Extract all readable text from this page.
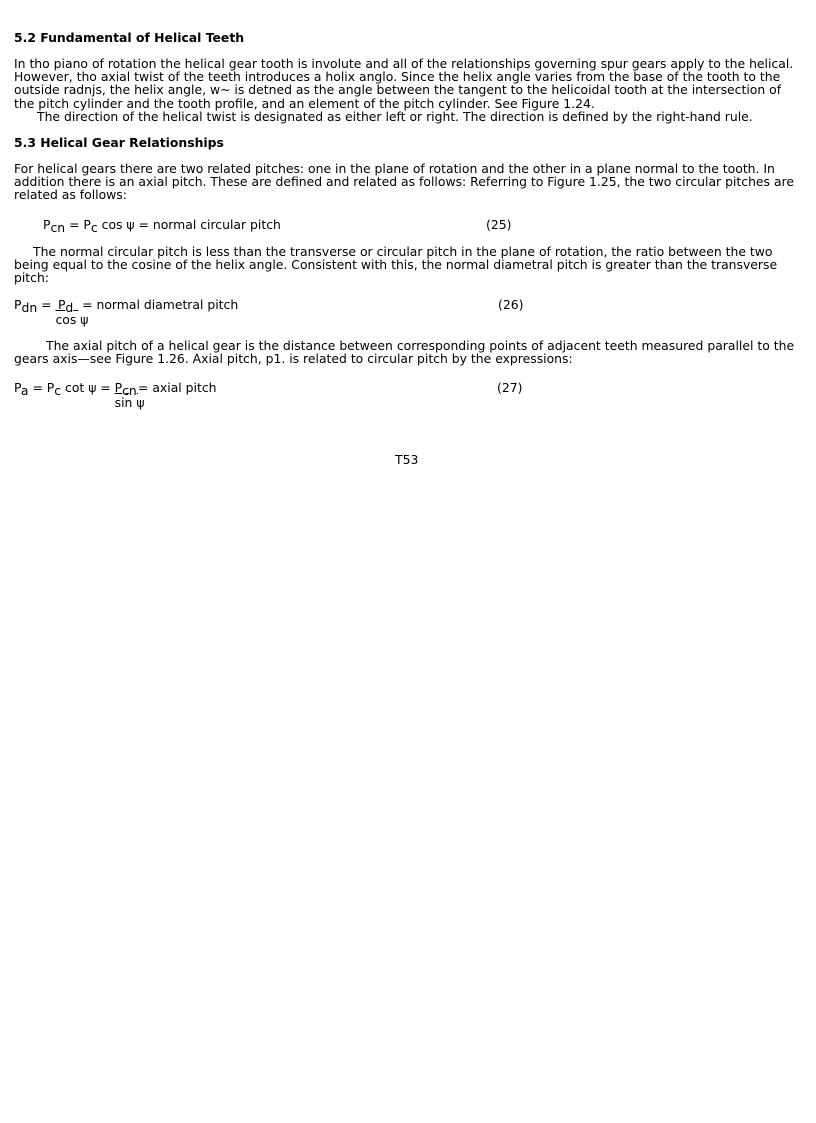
5.2 Fundamental of Helical Teeth

In tho piano of rotation the helical gear tooth is involute and all of the relationships governing spur gears apply to the helical. However, tho axial twist of the teeth introduces a holix anglo. Since the helix angle varies from the base of the tooth to the outside radnjs, the helix angle, w~ is detned as the angle between the tangent to the helicoidal tooth at the intersection of the pitch cylinder and the tooth profile, and an element of the pitch cylinder. See Figure 1.24.

The direction of the helical twist is designated as either left or right. The direction is defined by the right-hand rule.

5.3 Helical Gear Relationships

For helical gears there are two related pitches: one in the plane of rotation and the other in a plane normal to the tooth. In addition there is an axial pitch. These are defined and related as follows: Referring to Figure 1.25, the two circular pitches are related as follows:

Pcn = Pc cos ψ = normal circular pitch	(25)

The normal circular pitch is less than the transverse or circular pitch in the plane of rotation, the ratio between the two being equal to the cosine of the helix angle. Consistent with this, the normal diametral pitch is greater than the transverse pitch:

Pdn =   $\frac{Pd}{\text{cos ψ}}$ = normal diametral pitch	(26)

The axial pitch of a helical gear is the distance between corresponding points of adjacent teeth measured parallel to the gears axis—see Figure 1.26. Axial pitch, p1. is related to circular pitch by the expressions:

Pa = Pc $\cot \psi = \frac{\text{Pcn}}{\text{sin ψ}}$ = axial pitch	(27)
T53
